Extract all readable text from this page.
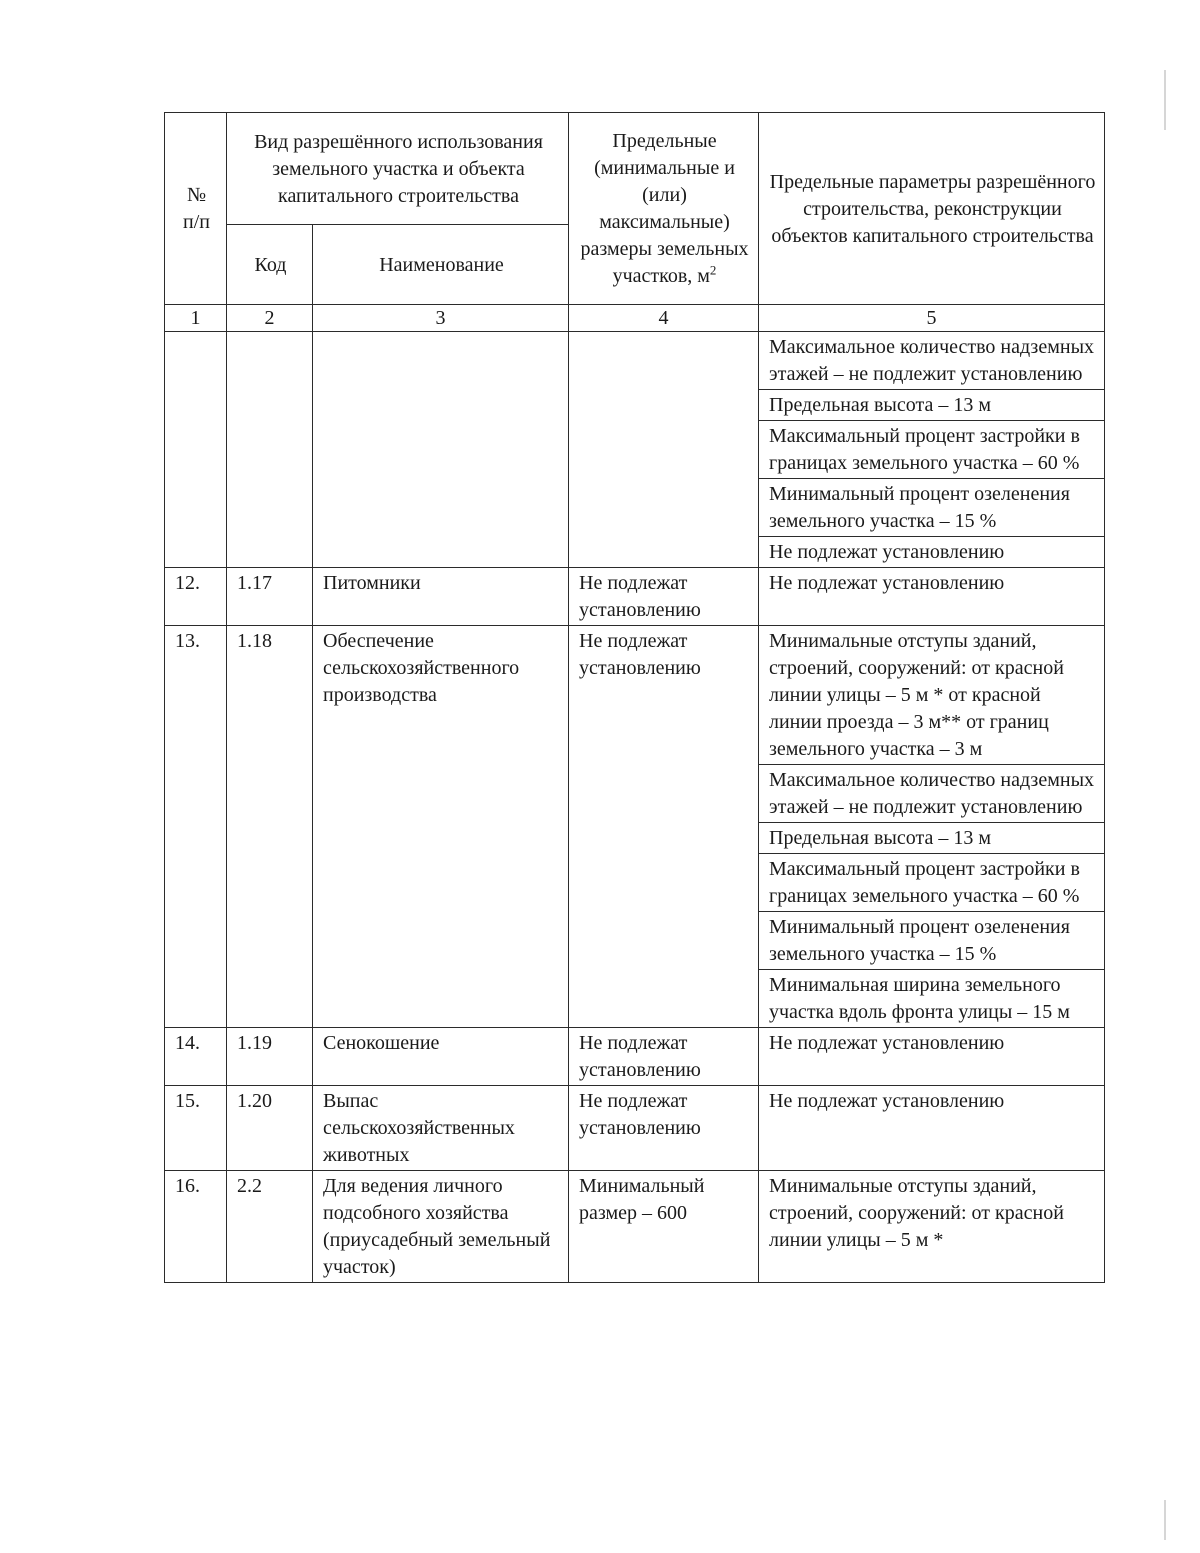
№
п/п	Вид разрешённого использования земельного участка и объекта капитального строительства		Предельные (минимальные и (или) максимальные) размеры земельных участков, $м^2$	Предельные параметры разрешённого строительства, реконструкции объектов капитального строительства
	Код	Наименование		
1	2	3	4	5
				Максимальное количество надземных этажей – не подлежит установлению
				Предельная высота – 13 м
				Максимальный процент застройки в границах земельного участка – 60 %
				Минимальный процент озеленения земельного участка – 15 %
				Не подлежат установлению
12.	1.17	Питомники	Не подлежат установлению	Не подлежат установлению
13.	1.18	Обеспечение сельскохозяйственного производства	Не подлежат установлению	Минимальные отступы зданий, строений, сооружений: от красной линии улицы – 5 м * от красной линии проезда – 3 м** от границ земельного участка – 3 м
				Максимальное количество надземных этажей – не подлежит установлению
				Предельная высота – 13 м
				Максимальный процент застройки в границах земельного участка – 60 %
				Минимальный процент озеленения земельного участка – 15 %
				Минимальная ширина земельного участка вдоль фронта улицы – 15 м
14.	1.19	Сенокошение	Не подлежат установлению	Не подлежат установлению
15.	1.20	Выпас сельскохозяйственных животных	Не подлежат установлению	Не подлежат установлению
16.	2.2	Для ведения личного подсобного хозяйства (приусадебный земельный участок)	Минимальный размер – 600	Минимальные отступы зданий, строений, сооружений: от красной линии улицы – 5 м *
